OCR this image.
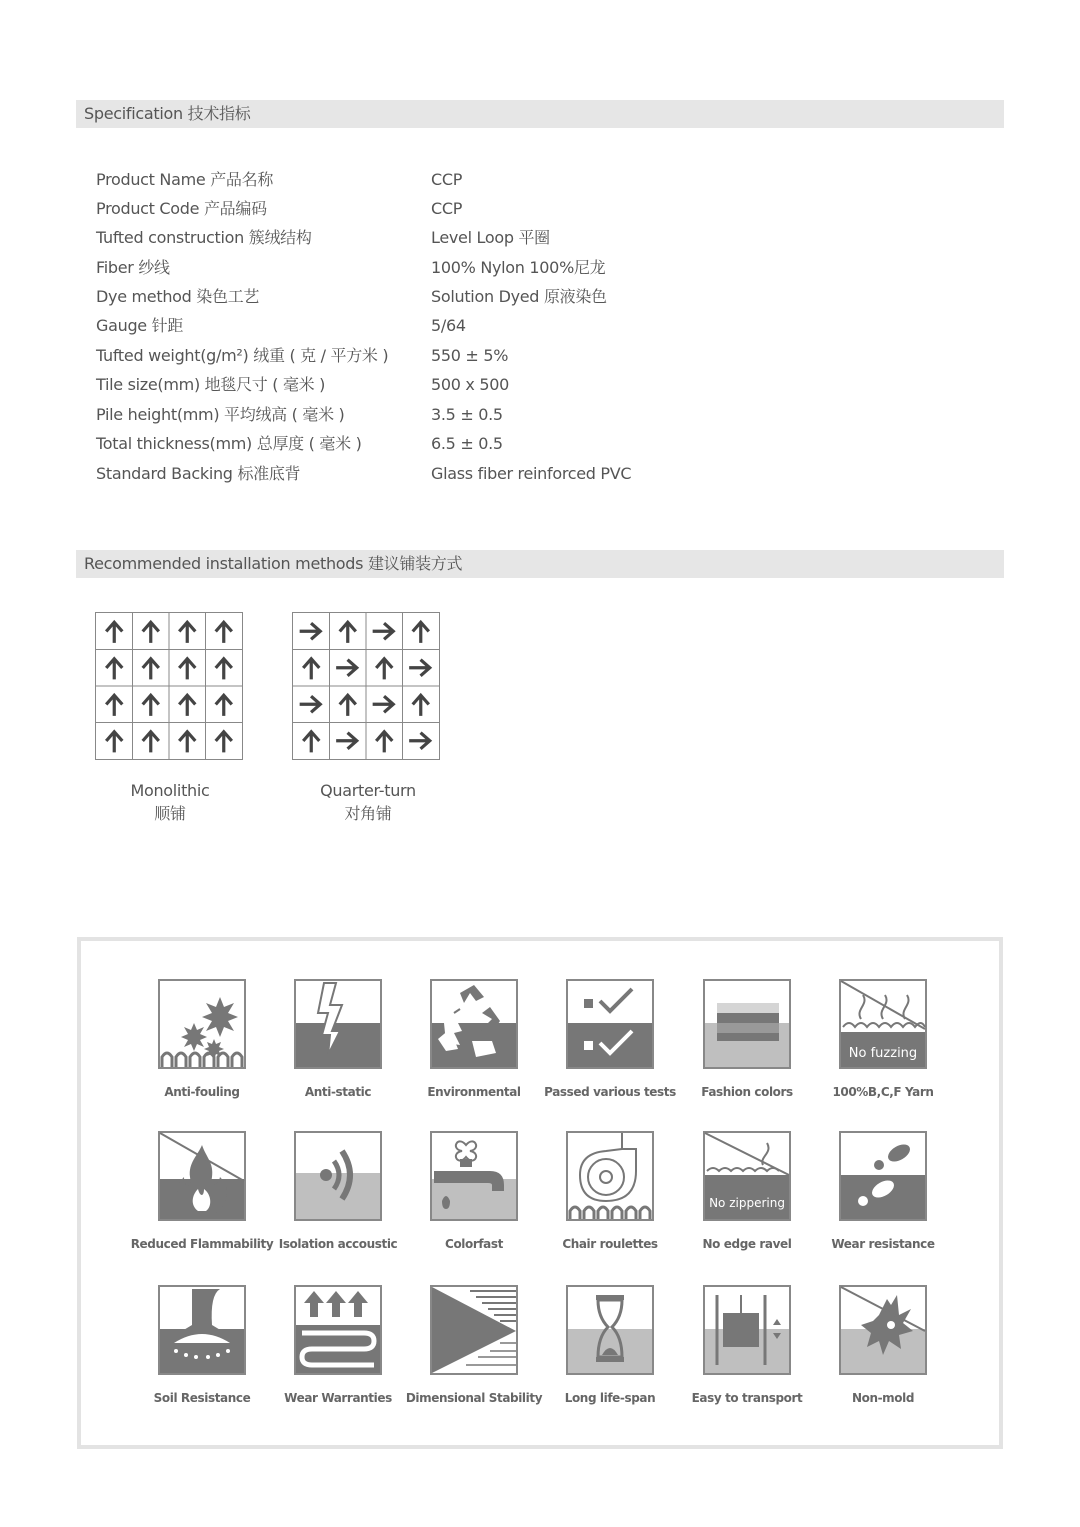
Specification 技术指标
Product Name 产品名称	CCP
Product Code 产品编码	CCP
Tufted construction 簇绒结构	Level Loop 平圈
Fiber 纱线	100% Nylon 100%尼龙
Dye method 染色工艺	Solution Dyed 原液染色
Gauge 针距	5/64
Tufted weight(g/m²) 绒重 ( 克 / 平方米 )	550 ± 5%
Tile size(mm) 地毯尺寸 ( 毫米 )	500 x 500
Pile height(mm) 平均绒高 ( 毫米 )	3.5 ± 0.5
Total thickness(mm) 总厚度 ( 毫米 )	6.5 ± 0.5
Standard Backing 标准底背	Glass fiber reinforced PVC
Recommended installation methods 建议铺装方式
Monolithic
顺铺
Quarter-turn
对角铺
Anti-fouling	Anti-static	Environmental	Passed various tests	Fashion colors
No fuzzing
100%B,C,F Yarn
Reduced Flammability Isolation accoustic	Colorfast	Chair roulettes
No zippering
No edge ravel	Wear resistance
Soil Resistance	Wear Warranties	Dimensional Stability	Long life-span	Easy to transport	Non-mold
